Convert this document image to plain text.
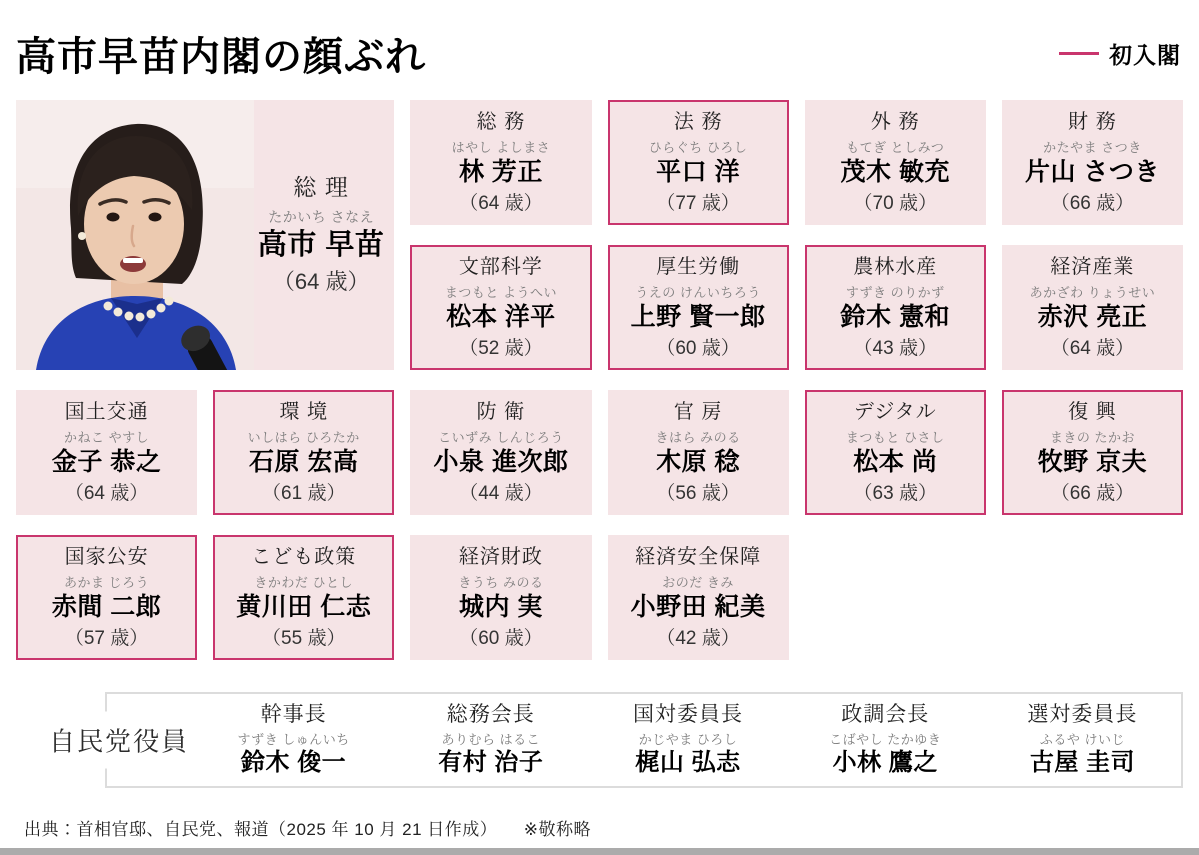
高市早苗内閣の顔ぶれ	初入閣
総 理
たかいち さなえ
高市 早苗
（64 歳）
総 務
はやし よしまさ
林 芳正
（64 歳）
法 務
ひらぐち ひろし
平口 洋
（77 歳）
外 務
もてぎ としみつ
茂木 敏充
（70 歳）
財 務
かたやま さつき
片山 さつき
（66 歳）
文部科学
まつもと ようへい
松本 洋平
（52 歳）
厚生労働
うえの けんいちろう
上野 賢一郎
（60 歳）
農林水産
すずき のりかず
鈴木 憲和
（43 歳）
経済産業
あかざわ りょうせい
赤沢 亮正
（64 歳）
国土交通
かねこ やすし
金子 恭之
（64 歳）
環 境
いしはら ひろたか
石原 宏高
（61 歳）
防 衛
こいずみ しんじろう
小泉 進次郎
（44 歳）
官 房
きはら みのる
木原 稔
（56 歳）
デジタル
まつもと ひさし
松本 尚
（63 歳）
復 興
まきの たかお
牧野 京夫
（66 歳）
国家公安
あかま じろう
赤間 二郎
（57 歳）
こども政策
きかわだ ひとし
黄川田 仁志
（55 歳）
経済財政
きうち みのる
城内 実
（60 歳）
経済安全保障
おのだ きみ
小野田 紀美
（42 歳）
自民党役員
幹事長
すずき しゅんいち
鈴木 俊一
総務会長
ありむら はるこ
有村 治子
国対委員長
かじやま ひろし
梶山 弘志
政調会長
こばやし たかゆき
小林 鷹之
選対委員長
ふるや けいじ
古屋 圭司
出典：首相官邸、自民党、報道（2025 年 10 月 21 日作成）　　※敬称略
